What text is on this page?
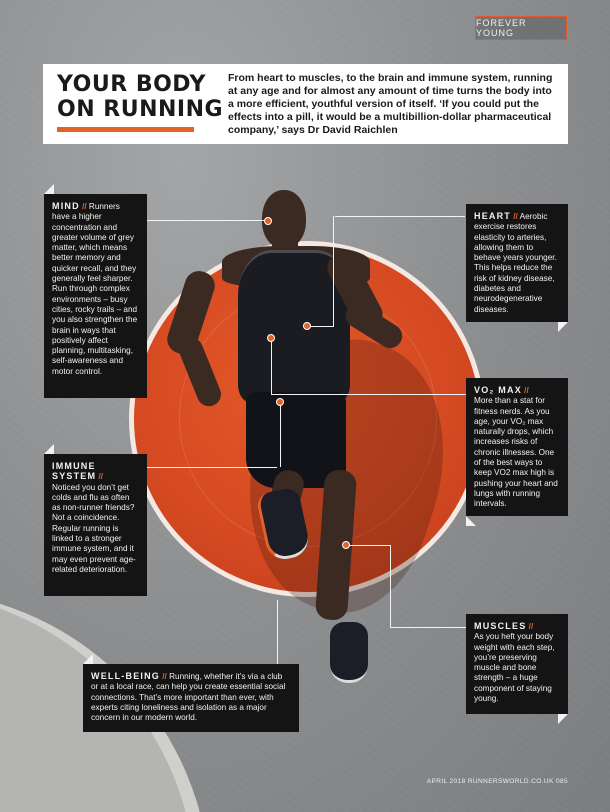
FOREVER YOUNG
YOUR BODY
ON RUNNING
From heart to muscles, to the brain and immune system, running at any age and for almost any amount of time turns the body into a more efficient, youthful version of itself. ‘If you could put the effects into a pill, it would be a multibillion-dollar pharmaceutical company,’ says Dr David Raichlen
MIND // Runners have a higher concentration and greater volume of grey matter, which means better memory and quicker recall, and they generally feel sharper. Run through complex environments – busy cities, rocky trails – and you also strengthen the brain in ways that positively affect planning, multitasking, self-awareness and motor control.
HEART // Aerobic exercise restores elasticity to arteries, allowing them to behave years younger. This helps reduce the risk of kidney disease, diabetes and neurodegenerative diseases.
VO₂ MAX //
More than a stat for fitness nerds. As you age, your VO₂ max naturally drops, which increases risks of chronic illnesses. One of the best ways to keep VO2 max high is pushing your heart and lungs with running intervals.
IMMUNE
SYSTEM //
Noticed you don’t get colds and flu as often as non-runner friends? Not a coincidence. Regular running is linked to a stronger immune system, and it may even prevent age-related deterioration.
MUSCLES //
As you heft your body weight with each step, you’re preserving muscle and bone strength – a huge component of staying young.
WELL-BEING // Running, whether it’s via a club or at a local race, can help you create essential social connections. That’s more important than ever, with experts citing loneliness and isolation as a major concern in our modern world.
APRIL 2018 RUNNERSWORLD.CO.UK 085
